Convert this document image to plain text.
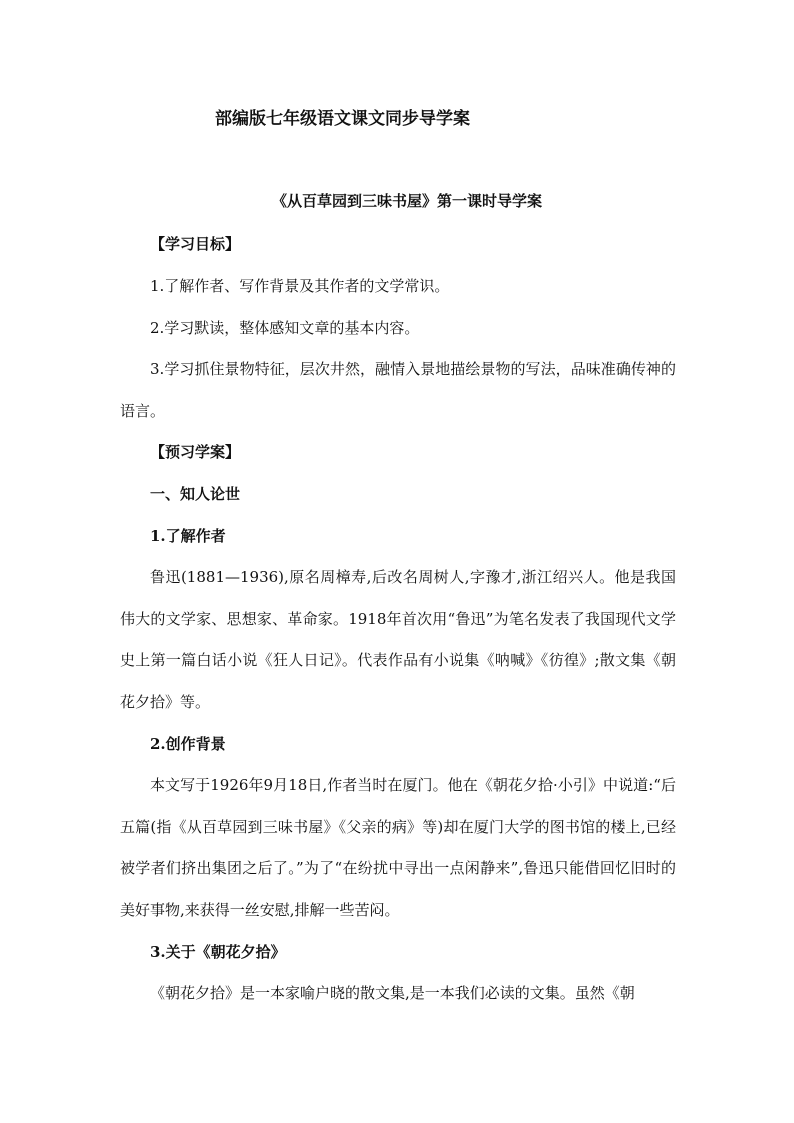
部编版七年级语文课文同步导学案
《从百草园到三味书屋》第一课时导学案
【学习目标】
1.了解作者、写作背景及其作者的文学常识。
2.学习默读，整体感知文章的基本内容。
3.学习抓住景物特征，层次井然，融情入景地描绘景物的写法，品味准确传神的语言。
【预习学案】
一、知人论世
1.了解作者
鲁迅(1881—1936),原名周樟寿,后改名周树人,字豫才,浙江绍兴人。他是我国伟大的文学家、思想家、革命家。1918年首次用“鲁迅”为笔名发表了我国现代文学史上第一篇白话小说《狂人日记》。代表作品有小说集《呐喊》《彷徨》;散文集《朝花夕拾》等。
2.创作背景
本文写于1926年9月18日,作者当时在厦门。他在《朝花夕拾·小引》中说道:“后五篇(指《从百草园到三味书屋》《父亲的病》等)却在厦门大学的图书馆的楼上,已经被学者们挤出集团之后了。”为了“在纷扰中寻出一点闲静来”,鲁迅只能借回忆旧时的美好事物,来获得一丝安慰,排解一些苦闷。
3.关于《朝花夕拾》
《朝花夕拾》是一本家喻户晓的散文集,是一本我们必读的文集。虽然《朝
